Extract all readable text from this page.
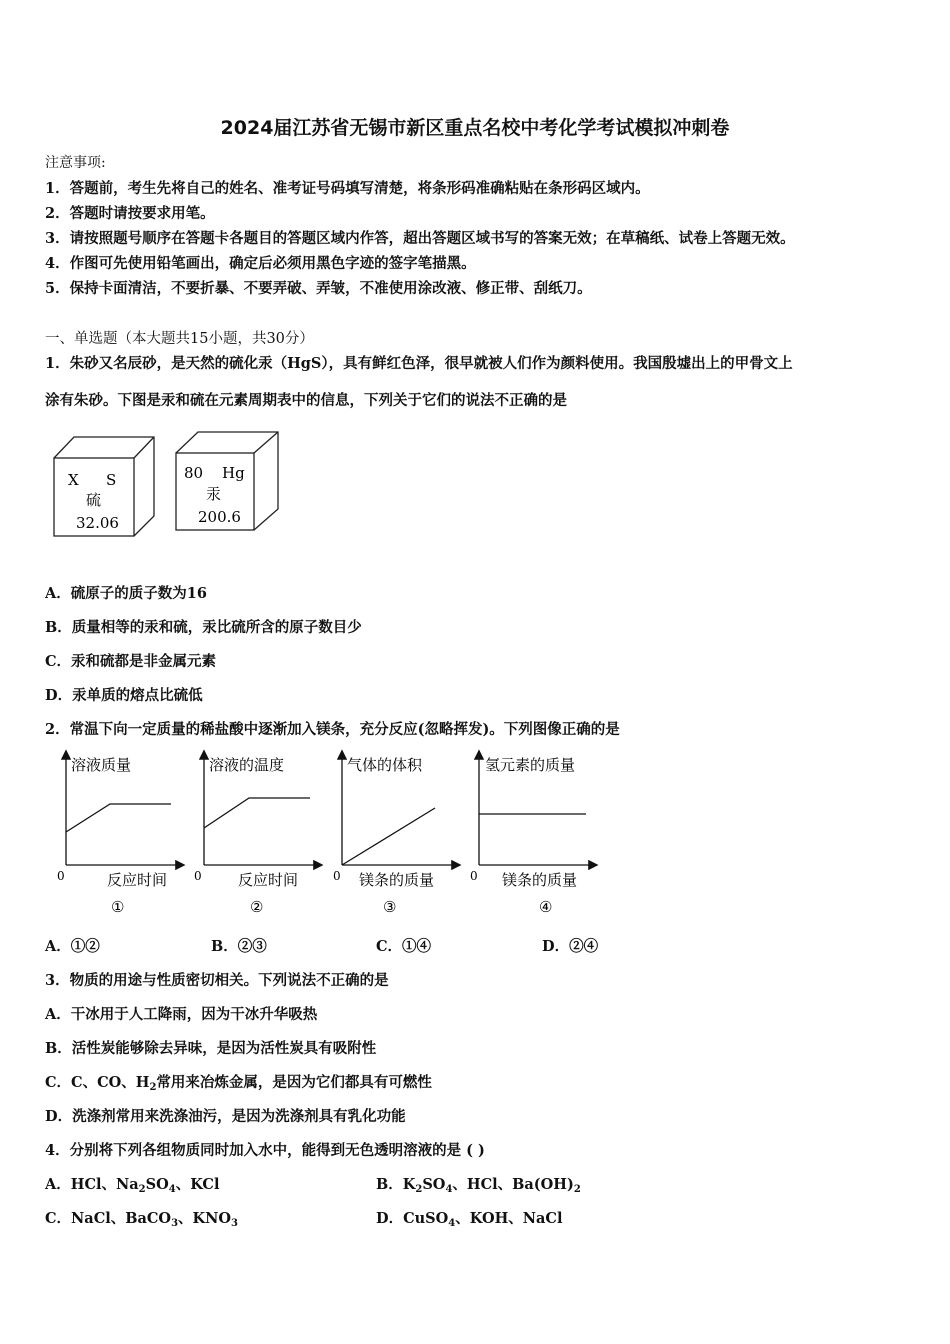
2024届江苏省无锡市新区重点名校中考化学考试模拟冲刺卷
注意事项:
1．答题前，考生先将自己的姓名、准考证号码填写清楚，将条形码准确粘贴在条形码区域内。
2．答题时请按要求用笔。
3．请按照题号顺序在答题卡各题目的答题区域内作答，超出答题区域书写的答案无效；在草稿纸、试卷上答题无效。
4．作图可先使用铅笔画出，确定后必须用黑色字迹的签字笔描黑。
5．保持卡面清洁，不要折暴、不要弄破、弄皱，不准使用涂改液、修正带、刮纸刀。
一、单选题（本大题共15小题，共30分）
1．朱砂又名辰砂，是天然的硫化汞（HgS），具有鲜红色泽，很早就被人们作为颜料使用。我国殷墟出上的甲骨文上
涂有朱砂。下图是汞和硫在元素周期表中的信息，下列关于它们的说法不正确的是
X S
硫
32.06
80 Hg
汞
200.6
A．硫原子的质子数为16
B．质量相等的汞和硫，汞比硫所含的原子数目少
C．汞和硫都是非金属元素
D．汞单质的熔点比硫低
2．常温下向一定质量的稀盐酸中逐渐加入镁条，充分反应(忽略挥发)。下列图像正确的是
溶液质量	溶液的温度	气体的体积	氢元素的质量
反应时间	反应时间	镁条的质量	镁条的质量
0	0	0	0
①	②	③	④
A．①②	B．②③	C．①④	D．②④
3．物质的用途与性质密切相关。下列说法不正确的是
A．干冰用于人工降雨，因为干冰升华吸热
B．活性炭能够除去异味，是因为活性炭具有吸附性
C．C、CO、$H_2$常用来冶炼金属，是因为它们都具有可燃性
D．洗涤剂常用来洗涤油污，是因为洗涤剂具有乳化功能
4．分别将下列各组物质同时加入水中，能得到无色透明溶液的是 ( )
A．HCl、$Na_2SO_4$、KCl	B．$K_2SO_4$、HCl、$Ba(OH)_2$
C．NaCl、BaCO$_3$、$KNO_3$	D．CuSO$_4$、KOH、NaCl
